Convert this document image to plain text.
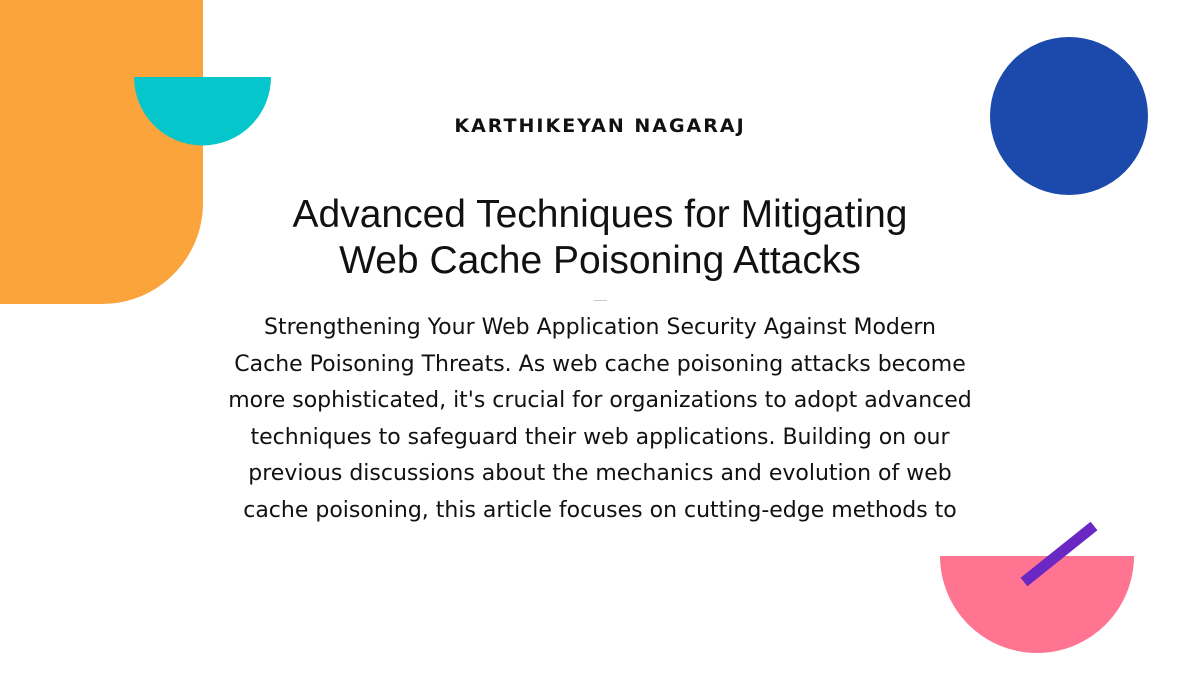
KARTHIKEYAN NAGARAJ
Advanced Techniques for Mitigating
Web Cache Poisoning Attacks

Strengthening Your Web Application Security Against Modern
Cache Poisoning Threats. As web cache poisoning attacks become
more sophisticated, it's crucial for organizations to adopt advanced
techniques to safeguard their web applications. Building on our
previous discussions about the mechanics and evolution of web
cache poisoning, this article focuses on cutting-edge methods to
